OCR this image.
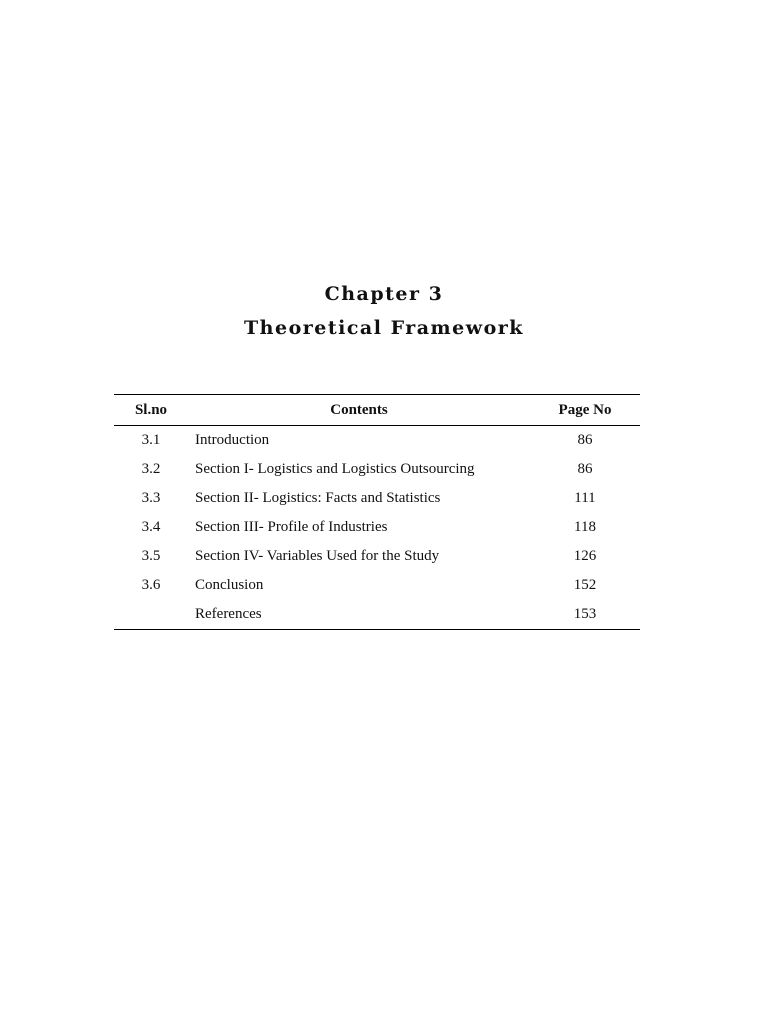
Chapter 3

Theoretical Framework

Sl.no	Contents	Page No
3.1	Introduction	86
3.2	Section I- Logistics and Logistics Outsourcing	86
3.3	Section II- Logistics: Facts and Statistics	111
3.4	Section III- Profile of Industries	118
3.5	Section IV- Variables Used for the Study	126
3.6	Conclusion	152
	References	153
